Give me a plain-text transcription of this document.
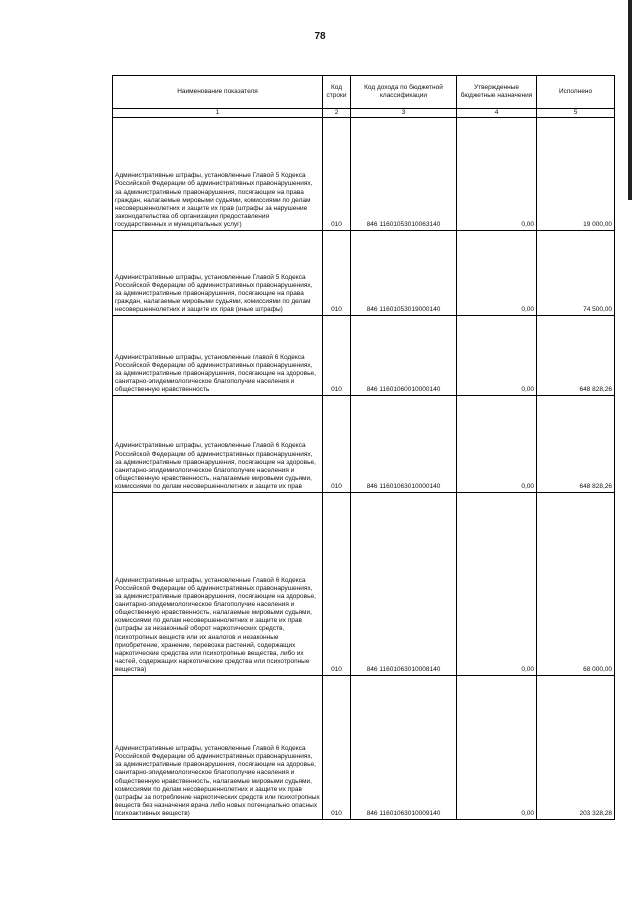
78
Наименование показателя	Код строки	Код дохода по бюджетной классификации	Утвержденные бюджетные назначения	Исполнено
1	2	3	4	5
Административные штрафы, установленные Главой 5 Кодекса Российской Федерации об административных правонарушениях, за административные правонарушения, посягающие на права граждан, налагаемые мировыми судьями, комиссиями по делам несовершеннолетних и защите их прав (штрафы за нарушение законодательства об организации предоставления государственных и муниципальных услуг)	010	846 11601053010063140	0,00	19 000,00
Административные штрафы, установленные Главой 5 Кодекса Российской Федерации об административных правонарушениях, за административные правонарушения, посягающие на права граждан, налагаемые мировыми судьями, комиссиями по делам несовершеннолетних и защите их прав (иные штрафы)	010	846 11601053019000140	0,00	74 500,00
Административные штрафы, установленные главой 6 Кодекса Российской Федерации об административных правонарушениях, за административные правонарушения, посягающие на здоровье, санитарно-эпидемиологическое благополучие населения и общественную нравственность	010	846 11601060010000140	0,00	648 828,26
Административные штрафы, установленные Главой 6 Кодекса Российской Федерации об административных правонарушениях, за административные правонарушения, посягающие на здоровье, санитарно-эпидемиологическое благополучие населения и общественную нравственность, налагаемые мировыми судьями, комиссиями по делам несовершеннолетних и защите их прав	010	846 11601063010000140	0,00	648 828,26
Административные штрафы, установленные Главой 6 Кодекса Российской Федерации об административных правонарушениях, за административные правонарушения, посягающие на здоровье, санитарно-эпидемиологическое благополучие населения и общественную нравственность, налагаемые мировыми судьями, комиссиями по делам несовершеннолетних и защите их прав (штрафы за незаконный оборот наркотических средств, психотропных веществ или их аналогов и незаконные приобретение, хранение, перевозка растений, содержащих наркотические средства или психотропные вещества, либо их частей, содержащих наркотические средства или психотропные вещества)	010	846 11601063010008140	0,00	68 000,00
Административные штрафы, установленные Главой 6 Кодекса Российской Федерации об административных правонарушениях, за административные правонарушения, посягающие на здоровье, санитарно-эпидемиологическое благополучие населения и общественную нравственность, налагаемые мировыми судьями, комиссиями по делам несовершеннолетних и защите их прав (штрафы за потребление наркотических средств или психотропных веществ без назначения врача либо новых потенциально опасных психоактивных веществ)	010	846 11601063010009140	0,00	203 328,28
